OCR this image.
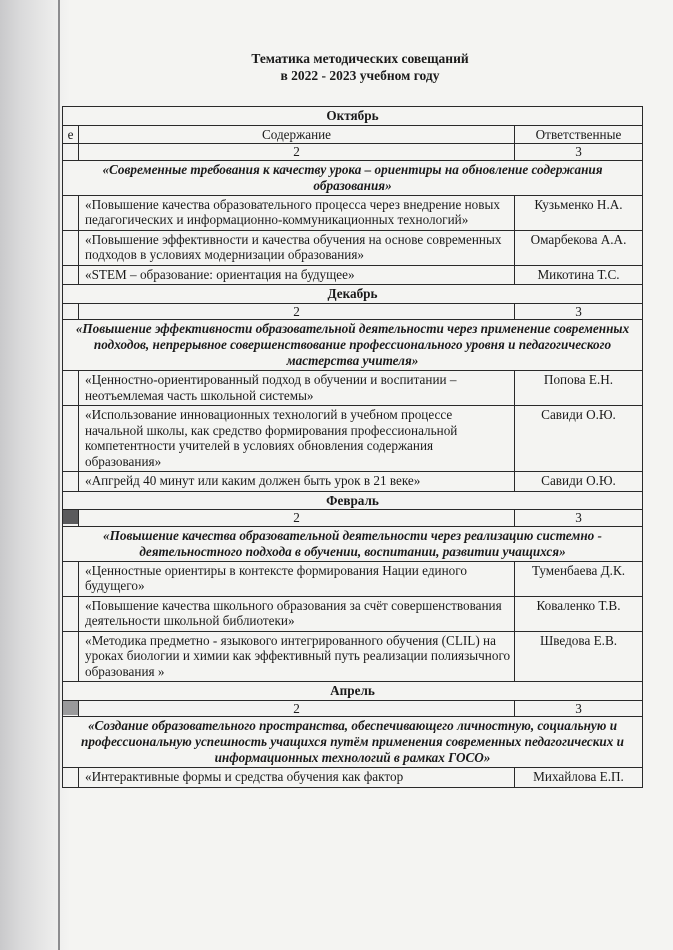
Тематика методических совещаний
в 2022 - 2023 учебном году
Октябрь		
е	Содержание	Ответственные
	2	3
«Современные требования к качеству урока – ориентиры на обновление содержания образования»		
	«Повышение качества образовательного процесса через внедрение новых педагогических и информационно-коммуникационных технологий»	Кузьменко Н.А.
	«Повышение эффективности и качества обучения на основе современных подходов в условиях модернизации образования»	Омарбекова А.А.
	«STEM – образование: ориентация на будущее»	Микотина Т.С.
Декабрь		
	2	3
«Повышение эффективности образовательной деятельности через применение современных подходов, непрерывное совершенствование профессионального уровня и педагогического мастерства учителя»		
	«Ценностно-ориентированный подход в обучении и воспитании – неотъемлемая часть школьной системы»	Попова Е.Н.
	«Использование инновационных технологий в учебном процессе начальной школы, как средство формирования профессиональной компетентности учителей в условиях обновления содержания образования»	Савиди О.Ю.
	«Апгрейд 40 минут или каким должен быть урок в 21 веке»	Савиди О.Ю.
Февраль		

	2	3
«Повышение качества образовательной деятельности через реализацию системно - деятельностного подхода в обучении, воспитании, развитии учащихся»		
	«Ценностные ориентиры в контексте формирования Нации единого будущего»	Туменбаева Д.К.
	«Повышение качества школьного образования за счёт совершенствования деятельности школьной библиотеки»	Коваленко Т.В.
	«Методика предметно - языкового интегрированного обучения (CLIL) на уроках биологии и химии как эффективный путь реализации полиязычного образования »	Шведова Е.В.
Апрель		

	2	3
«Создание образовательного пространства, обеспечивающего личностную, социальную и профессиональную успешность учащихся путём применения современных педагогических и информационных технологий в рамках ГОСО»		
	«Интерактивные формы и средства обучения как фактор	Михайлова Е.П.
